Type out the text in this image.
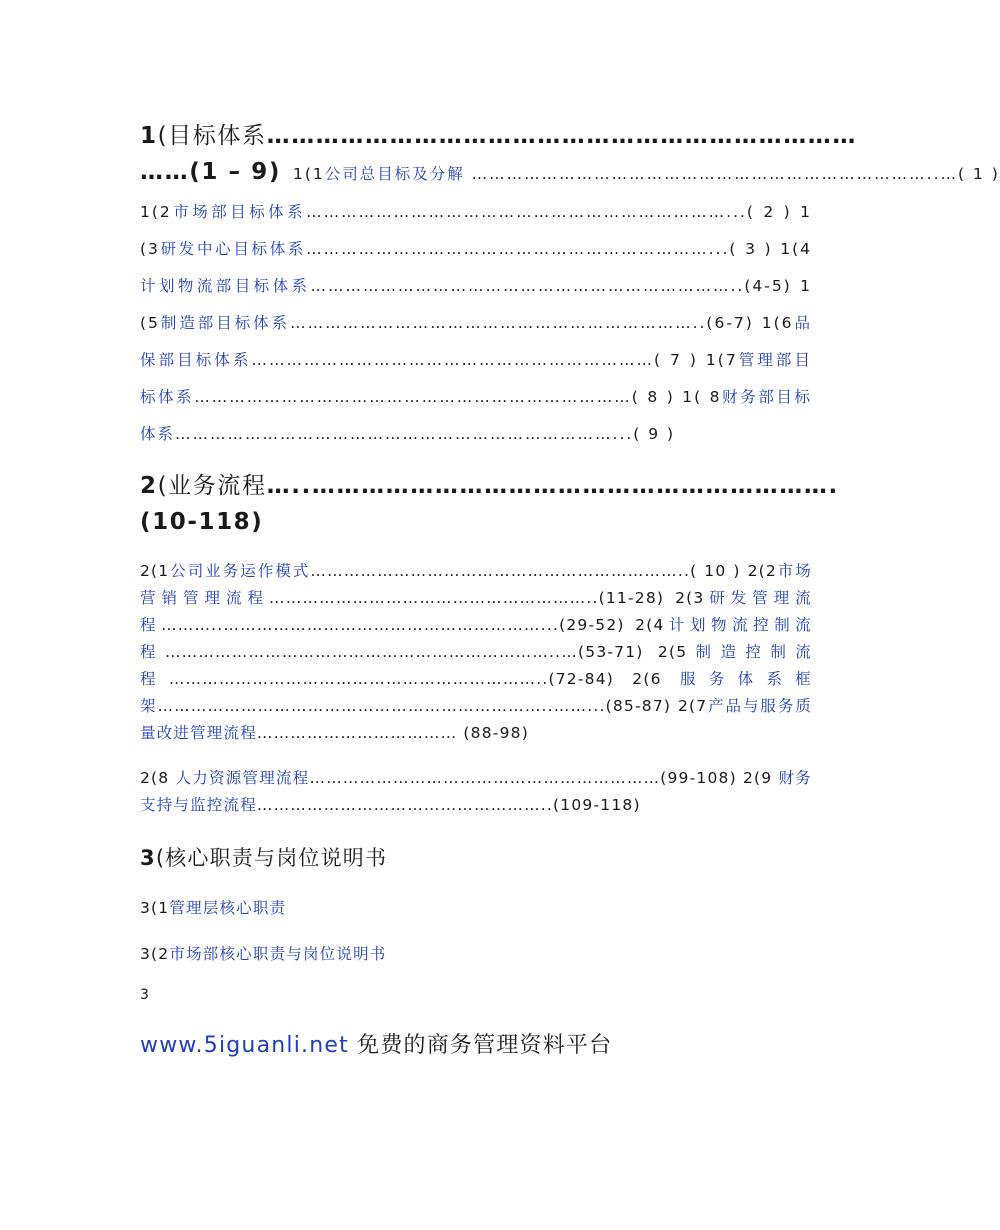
1(目标体系………………………………………………………………

…… (1 – 9) 1(1公司总目标及分解 ……………………………………………………………………..…( 1 )

1(2市场部目标体系………………………………………………………………...( 2 ) 1(3研发中心目标体系……………………………………………………………...( 3 ) 1(4计划物流部目标体系………………………………………………………………..(4-5) 1(5制造部目标体系……………………………………………………………..(6-7) 1(6品保部目标体系……………………………………………………………( 7 ) 1(7管理部目标体系…………………………………………………………………( 8 ) 1( 8财务部目标体系…………………………………………………………………...( 9 )

2(业务流程…..……………………………………………………….

(10-118)

2(1公司业务运作模式…………………………………………………………..( 10 ) 2(2市场营销管理流程…………………………………………………..(11-28) 2(3研发管理流程………..…………………………………………………...(29-52) 2(4计划物流控制流程……………………………………………………………..…(53-71) 2(5制造控制流程…………………………………………………………..(72-84) 2(6 服务体系框架……………………………………………………………..……...(85-87) 2(7产品与服务质量改进管理流程……………………………… (88-98)

2(8 人力资源管理流程………………………………………………………(99-108) 2(9 财务支持与监控流程……………………………………………..(109-118)

3(核心职责与岗位说明书

3(1管理层核心职责

3(2市场部核心职责与岗位说明书

3

www.5iguanli.net 免费的商务管理资料平台
